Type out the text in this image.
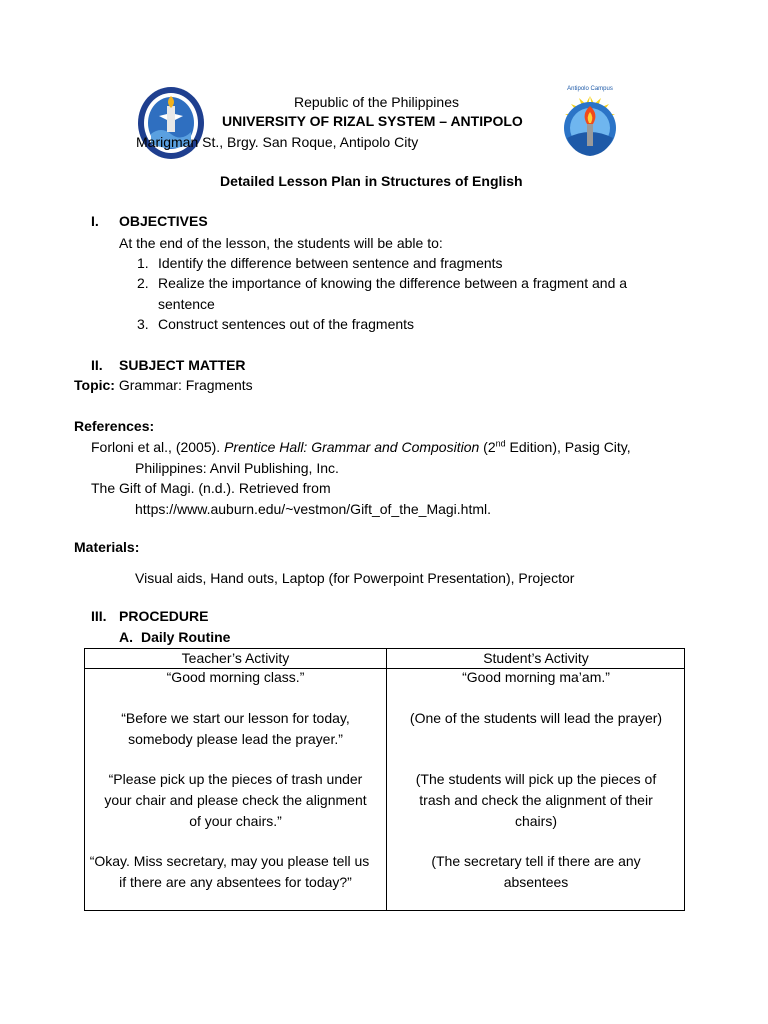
Antipolo Campus
Republic of the Philippines
UNIVERSITY OF RIZAL SYSTEM – ANTIPOLO
Marigman St., Brgy. San Roque, Antipolo City
Detailed Lesson Plan in Structures of English
I. OBJECTIVES
At the end of the lesson, the students will be able to:
1. Identify the difference between sentence and fragments
2. Realize the importance of knowing the difference between a fragment and a
sentence
3. Construct sentences out of the fragments
II. SUBJECT MATTER
Topic: Grammar: Fragments
References:
Forloni et al., (2005). Prentice Hall: Grammar and Composition (2nd Edition), Pasig City,
Philippines: Anvil Publishing, Inc.
The Gift of Magi. (n.d.). Retrieved from
https://www.auburn.edu/~vestmon/Gift_of_the_Magi.html.
Materials:
Visual aids, Hand outs, Laptop (for Powerpoint Presentation), Projector
III. PROCEDURE
A. Daily Routine
Teacher’s Activity	Student’s Activity
“Good morning class.”	“Good morning ma’am.”
“Before we start our lesson for today,
somebody please lead the prayer.”
(One of the students will lead the prayer)
“Please pick up the pieces of trash under
your chair and please check the alignment
of your chairs.”
(The students will pick up the pieces of
trash and check the alignment of their
chairs)
“Okay. Miss secretary, may you please tell us
if there are any absentees for today?”
(The secretary tell if there are any
absentees
